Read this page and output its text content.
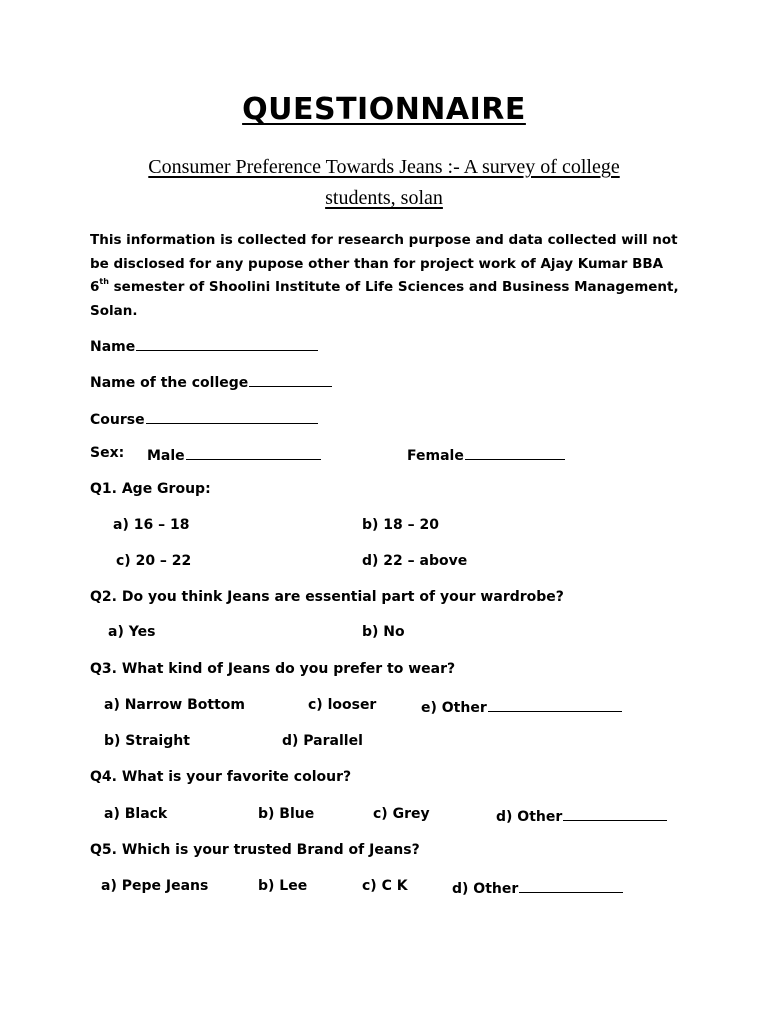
QUESTIONNAIRE
Consumer Preference Towards Jeans :- A survey of college
students, solan
This information is collected for research purpose and data collected will not be disclosed for any pupose other than for project work of Ajay Kumar BBA 6th semester of Shoolini Institute of Life Sciences and Business Management, Solan.
Name
Name of the college
Course
Sex: Male	Female
Q1. Age Group:
a) 16 – 18	b) 18 – 20
c) 20 – 22	d) 22 – above
Q2. Do you think Jeans are essential part of your wardrobe?
a) Yes	b) No
Q3. What kind of Jeans do you prefer to wear?
a) Narrow Bottom	c) looser	e) Other
b) Straight	d) Parallel
Q4. What is your favorite colour?
a) Black	b) Blue	c) Grey	d) Other
Q5. Which is your trusted Brand of Jeans?
a) Pepe Jeans	b) Lee	c) C K	d) Other
